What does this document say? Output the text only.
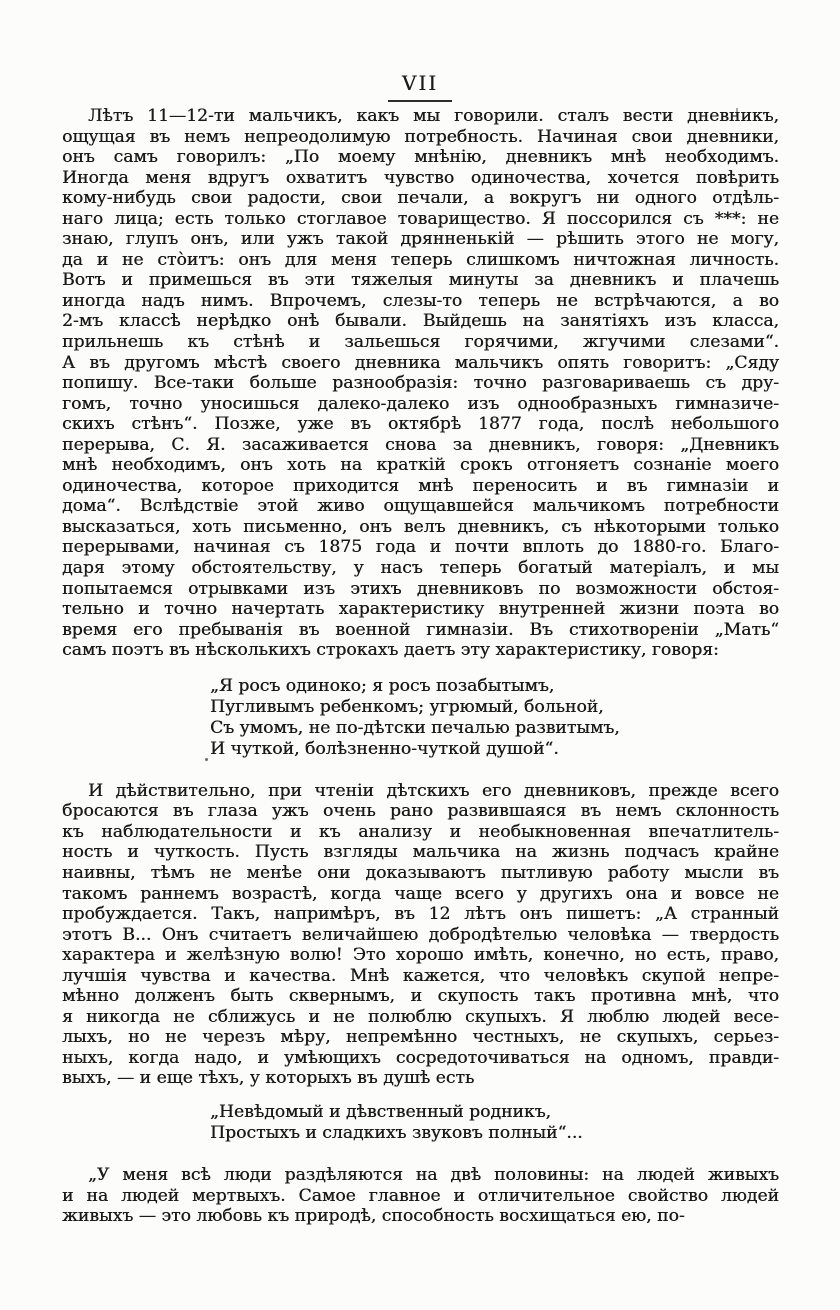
VII
Лѣтъ 11—12-ти мальчикъ, какъ мы говорили. сталъ вести дневникъ,
ощущая въ немъ непреодолимую потребность. Начиная свои дневники,
онъ самъ говорилъ: „По моему мнѣнію, дневникъ мнѣ необходимъ.
Иногда меня вдругъ охватитъ чувство одиночества, хочется повѣрить
кому-нибудь свои радости, свои печали, а вокругъ ни одного отдѣль-
наго лица; есть только стоглавое товарищество. Я поссорился съ ***: не
знаю, глупъ онъ, или ужъ такой дрянненькій — рѣшить этого не могу,
да и не сто̀итъ: онъ для меня теперь слишкомъ ничтожная личность.
Вотъ и примешься въ эти тяжелыя минуты за дневникъ и плачешь
иногда надъ нимъ. Впрочемъ, слезы-то теперь не встрѣчаются, а во
2-мъ классѣ нерѣдко онѣ бывали. Выйдешь на занятіяхъ изъ класса,
прильнешь къ стѣнѣ и зальешься горячими, жгучими слезами“.
А въ другомъ мѣстѣ своего дневника мальчикъ опять говоритъ: „Сяду
попишу. Все-таки больше разнообразія: точно разговариваешь съ дру-
гомъ, точно уносишься далеко-далеко изъ однообразныхъ гимназиче-
скихъ стѣнъ“. Позже, уже въ октябрѣ 1877 года, послѣ небольшого
перерыва, С. Я. засаживается снова за дневникъ, говоря: „Дневникъ
мнѣ необходимъ, онъ хоть на краткій срокъ отгоняетъ сознаніе моего
одиночества, которое приходится мнѣ переносить и въ гимназіи и
дома“. Вслѣдствіе этой живо ощущавшейся мальчикомъ потребности
высказаться, хоть письменно, онъ велъ дневникъ, съ нѣкоторыми только
перерывами, начиная съ 1875 года и почти вплоть до 1880-го. Благо-
даря этому обстоятельству, у насъ теперь богатый матеріалъ, и мы
попытаемся отрывками изъ этихъ дневниковъ по возможности обстоя-
тельно и точно начертать характеристику внутренней жизни поэта во
время его пребыванія въ военной гимназіи. Въ стихотвореніи „Мать“
самъ поэтъ въ нѣсколькихъ строкахъ даетъ эту характеристику, говоря:
„Я росъ одиноко; я росъ позабытымъ,
Пугливымъ ребенкомъ; угрюмый, больной,
Съ умомъ, не по-дѣтски печалью развитымъ,
И чуткой, болѣзненно-чуткой душой“.
И дѣйствительно, при чтеніи дѣтскихъ его дневниковъ, прежде всего
бросаются въ глаза ужъ очень рано развившаяся въ немъ склонность
къ наблюдательности и къ анализу и необыкновенная впечатлитель-
ность и чуткость. Пусть взгляды мальчика на жизнь подчасъ крайне
наивны, тѣмъ не менѣе они доказываютъ пытливую работу мысли въ
такомъ раннемъ возрастѣ, когда чаще всего у другихъ она и вовсе не
пробуждается. Такъ, напримѣръ, въ 12 лѣтъ онъ пишетъ: „А странный
этотъ В... Онъ считаетъ величайшею добродѣтелью человѣка — твердость
характера и желѣзную волю! Это хорошо имѣть, конечно, но есть, право,
лучшія чувства и качества. Мнѣ кажется, что человѣкъ скупой непре-
мѣнно долженъ быть сквернымъ, и скупость такъ противна мнѣ, что
я никогда не сближусь и не полюблю скупыхъ. Я люблю людей весе-
лыхъ, но не черезъ мѣру, непремѣнно честныхъ, не скупыхъ, серьез-
ныхъ, когда надо, и умѣющихъ сосредоточиваться на одномъ, правди-
выхъ, — и еще тѣхъ, у которыхъ въ душѣ есть
„Невѣдомый и дѣвственный родникъ,
Простыхъ и сладкихъ звуковъ полный“...
„У меня всѣ люди раздѣляются на двѣ половины: на людей живыхъ
и на людей мертвыхъ. Самое главное и отличительное свойство людей
живыхъ — это любовь къ природѣ, способность восхищаться ею, по-
